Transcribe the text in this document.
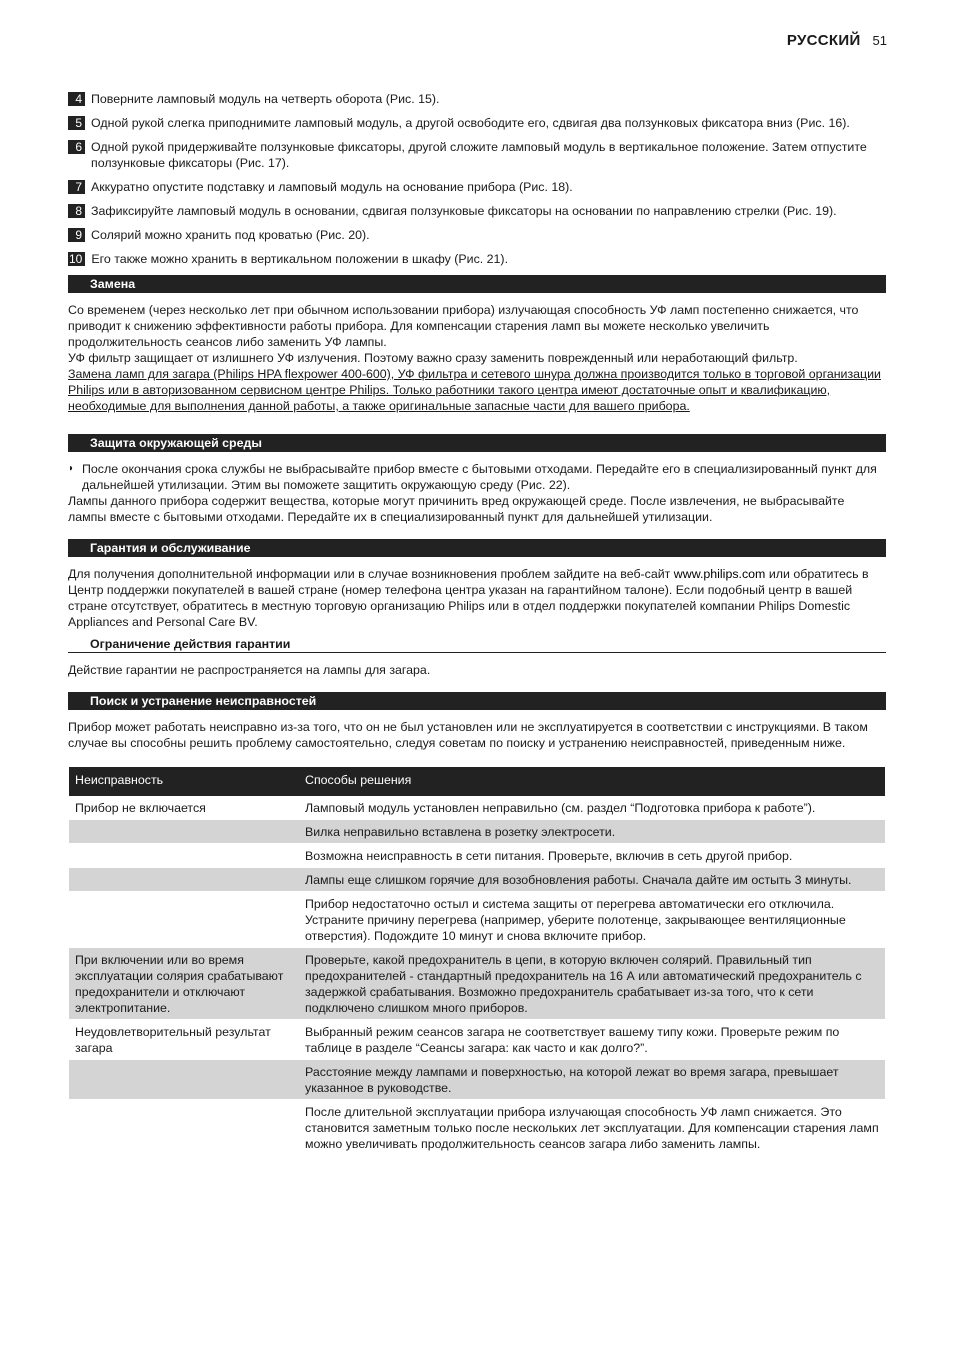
РУССКИЙ 51
4 Поверните ламповый модуль на четверть оборота (Рис. 15).
5 Одной рукой слегка приподнимите ламповый модуль, а другой освободите его, сдвигая два ползунковых фиксатора вниз (Рис. 16).
6 Одной рукой придерживайте ползунковые фиксаторы, другой сложите ламповый модуль в вертикальное положение. Затем отпустите ползунковые фиксаторы (Рис. 17).
7 Аккуратно опустите подставку и ламповый модуль на основание прибора (Рис. 18).
8 Зафиксируйте ламповый модуль в основании, сдвигая ползунковые фиксаторы на основании по направлению стрелки (Рис. 19).
9 Солярий можно хранить под кроватью (Рис. 20).
10 Его также можно хранить в вертикальном положении в шкафу (Рис. 21).
Замена

Со временем (через несколько лет при обычном использовании прибора) излучающая способность УФ ламп постепенно снижается, что приводит к снижению эффективности работы прибора. Для компенсации старения ламп вы можете несколько увеличить продолжительность сеансов либо заменить УФ лампы.

УФ фильтр защищает от излишнего УФ излучения. Поэтому важно сразу заменить поврежденный или неработающий фильтр.

Замена ламп для загара (Philips HPA flexpower 400-600), УФ фильтра и сетевого шнура должна производится только в торговой организации Philips или в авторизованном сервисном центре Philips. Только работники такого центра имеют достаточные опыт и квалификацию, необходимые для выполнения данной работы, а также оригинальные запасные части для вашего прибора.

Защита окружающей среды
◗ После окончания срока службы не выбрасывайте прибор вместе с бытовыми отходами. Передайте его в специализированный пункт для дальнейшей утилизации. Этим вы поможете защитить окружающую среду (Рис. 22).

Лампы данного прибора содержит вещества, которые могут причинить вред окружающей среде. После извлечения, не выбрасывайте лампы вместе с бытовыми отходами. Передайте их в специализированный пункт для дальнейшей утилизации.

Гарантия и обслуживание

Для получения дополнительной информации или в случае возникновения проблем зайдите на веб-сайт www.philips.com или обратитесь в Центр поддержки покупателей в вашей стране (номер телефона центра указан на гарантийном талоне). Если подобный центр в вашей стране отсутствует, обратитесь в местную торговую организацию Philips или в отдел поддержки покупателей компании Philips Domestic Appliances and Personal Care BV.

Ограничение действия гарантии

Действие гарантии не распространяется на лампы для загара.

Поиск и устранение неисправностей

Прибор может работать неисправно из-за того, что он не был установлен или не эксплуатируется в соответствии с инструкциями. В таком случае вы способны решить проблему самостоятельно, следуя советам по поиску и устранению неисправностей, приведенным ниже.

Неисправность	Способы решения
Прибор не включается	Ламповый модуль установлен неправильно (см. раздел “Подготовка прибора к работе”).
	Вилка неправильно вставлена в розетку электросети.
	Возможна неисправность в сети питания. Проверьте, включив в сеть другой прибор.
	Лампы еще слишком горячие для возобновления работы. Сначала дайте им остыть 3 минуты.
	Прибор недостаточно остыл и система защиты от перегрева автоматически его отключила. Устраните причину перегрева (например, уберите полотенце, закрывающее вентиляционные отверстия). Подождите 10 минут и снова включите прибор.
При включении или во время эксплуатации солярия срабатывают предохранители и отключают электропитание.	Проверьте, какой предохранитель в цепи, в которую включен солярий. Правильный тип предохранителей - стандартный предохранитель на 16 А или автоматический предохранитель с задержкой срабатывания. Возможно предохранитель срабатывает из-за того, что к сети подключено слишком много приборов.
Неудовлетворительный результат загара	Выбранный режим сеансов загара не соответствует вашему типу кожи. Проверьте режим по таблице в разделе “Сеансы загара: как часто и как долго?”.
	Расстояние между лампами и поверхностью, на которой лежат во время загара, превышает указанное в руководстве.
	После длительной эксплуатации прибора излучающая способность УФ ламп снижается. Это становится заметным только после нескольких лет эксплуатации. Для компенсации старения ламп можно увеличивать продолжительность сеансов загара либо заменить лампы.
